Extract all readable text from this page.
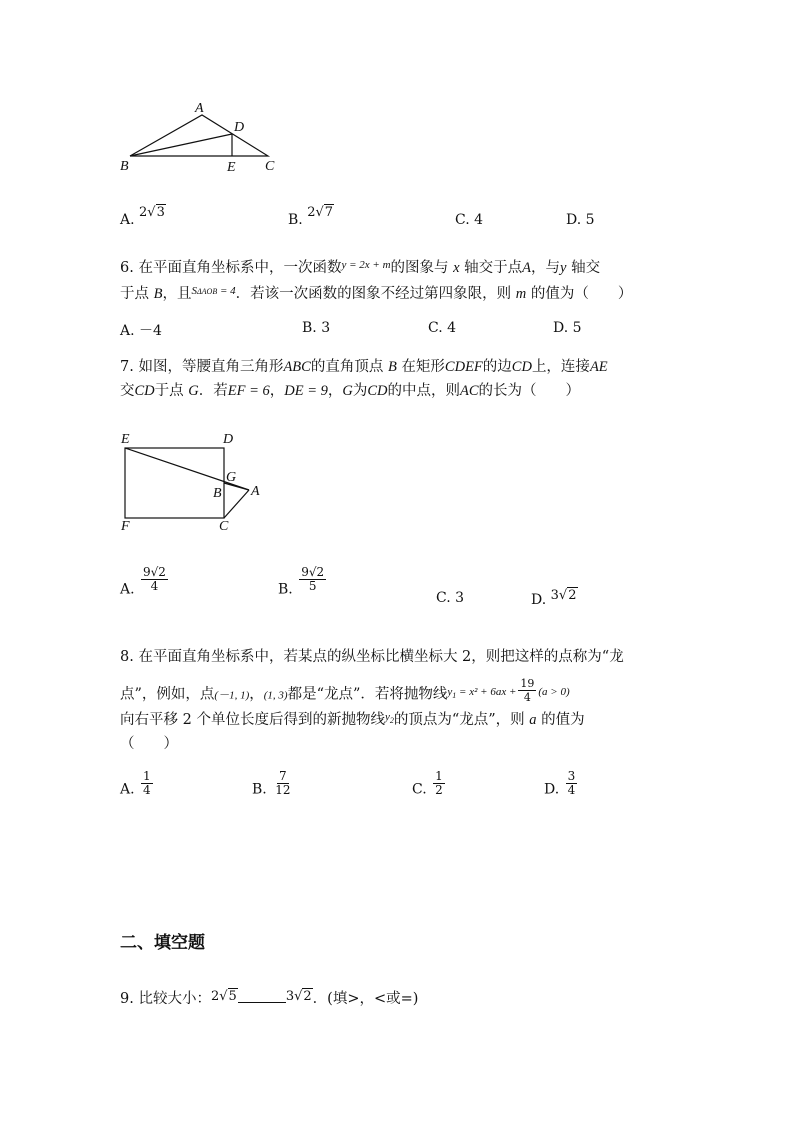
A
D
B	E C
A. 2√3	B. 2√7	C. 4	D. 5
6. 在平面直角坐标系中，一次函数$^{y = 2x + m}$的图象与 x 轴交于点A，与y 轴交
于点 B，且$^{S\Delta AOB = 4}$．若该一次函数的图象不经过第四象限，则 m 的值为（　　）
A. －4	B. 3	C. 4	D. 5
7. 如图，等腰直角三角形ABC的直角顶点 B 在矩形CDEF的边CD上，连接AE
交CD于点 G．若EF = 6，DE = 9，G为CD的中点，则AC的长为（　　）
E	D
G
B A
F	C
A. $\frac{9√2}{4}$	B. $\frac{9√2}{5}$
C. 3	D. 3√2
8. 在平面直角坐标系中，若某点的纵坐标比横坐标大 2，则把这样的点称为“龙
点”，例如，点(－1, 1)，(1, 3)都是“龙点”．若将抛物线$^{y_1 = x^2 + 6ax +} \frac{19}{4} ^{(a > 0)}$
向右平移 2 个单位长度后得到的新抛物线$^{y_2}$的顶点为“龙点”，则 a 的值为
（　　）
A. $\frac{1}{4}$	B. $\frac{7}{12}$	C. $\frac{1}{2}$	D. $\frac{3}{4}$
二、填空题
9. 比较大小：2√5	3√2．(填>，<或=)
